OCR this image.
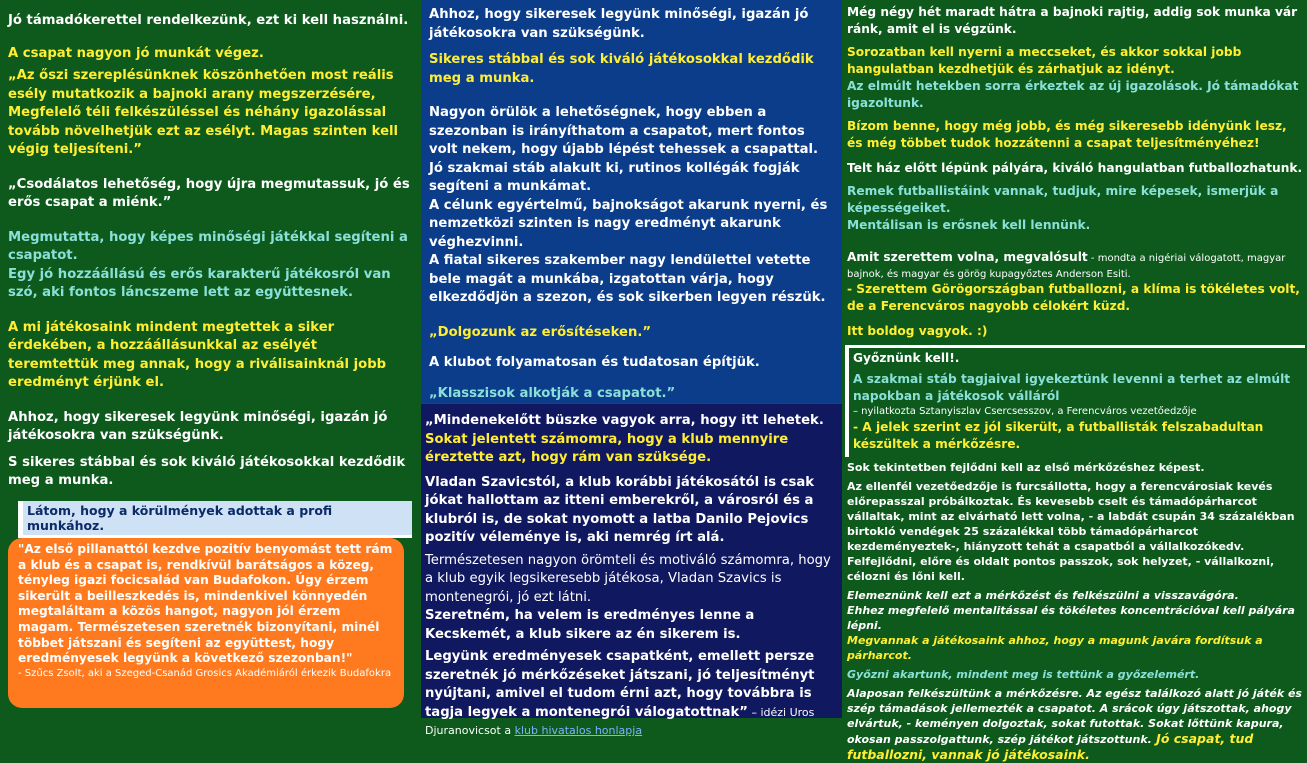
Jó támadókerettel rendelkezünk, ezt ki kell használni.

A csapat nagyon jó munkát végez.

„Az őszi szereplésünknek köszönhetően most reális esély mutatkozik a bajnoki arany megszerzésére, Megfelelő téli felkészüléssel és néhány igazolással tovább növelhetjük ezt az esélyt. Magas szinten kell végig teljesíteni.”

„Csodálatos lehetőség, hogy újra megmutassuk, jó és erős csapat a miénk.”

Megmutatta, hogy képes minőségi játékkal segíteni a csapatot.

Egy jó hozzáállású és erős karakterű játékosról van szó, aki fontos láncszeme lett az együttesnek.

A mi játékosaink mindent megtettek a siker érdekében, a hozzáállásunkkal az esélyét teremtettük meg annak, hogy a riválisainknál jobb eredményt érjünk el.

Ahhoz, hogy sikeresek legyünk minőségi, igazán jó játékosokra van szükségünk.

S sikeres stábbal és sok kiváló játékosokkal kezdődik meg a munka.

Látom, hogy a körülmények adottak a profi munkához.

"Az első pillanattól kezdve pozitív benyomást tett rám a klub és a csapat is, rendkívül barátságos a közeg, tényleg igazi focicsalád van Budafokon. Úgy érzem sikerült a beilleszkedés is, mindenkivel könnyedén megtaláltam a közös hangot, nagyon jól érzem magam. Természetesen szeretnék bizonyítani, minél többet játszani és segíteni az együttest, hogy eredményesek legyünk a következő szezonban!"

- Szűcs Zsolt, aki a Szeged-Csanád Grosics Akadémiáról érkezik Budafokra

Ahhoz, hogy sikeresek legyünk minőségi, igazán jó játékosokra van szükségünk.

Sikeres stábbal és sok kiváló játékosokkal kezdődik meg a munka.

Nagyon örülök a lehetőségnek, hogy ebben a szezonban is irányíthatom a csapatot, mert fontos volt nekem, hogy újabb lépést tehessek a csapattal.

Jó szakmai stáb alakult ki, rutinos kollégák fogják segíteni a munkámat.

A célunk egyértelmű, bajnokságot akarunk nyerni, és nemzetközi szinten is nagy eredményt akarunk véghezvinni.

A fiatal sikeres szakember nagy lendülettel vetette bele magát a munkába, izgatottan várja, hogy elkezdődjön a szezon, és sok sikerben legyen részük.

„Dolgozunk az erősítéseken.”

A klubot folyamatosan és tudatosan építjük.

„Klasszisok alkotják a csapatot.”

„Mindenekelőtt büszke vagyok arra, hogy itt lehetek.

Sokat jelentett számomra, hogy a klub mennyire éreztette azt, hogy rám van szüksége.

Vladan Szavicstól, a klub korábbi játékosától is csak jókat hallottam az itteni emberekről, a városról és a klubról is, de sokat nyomott a latba Danilo Pejovics pozitív véleménye is, aki nemrég írt alá.

Természetesen nagyon örömteli és motiváló számomra, hogy a klub egyik legsikeresebb játékosa, Vladan Szavics is montenegrói, jó ezt látni.

Szeretném, ha velem is eredményes lenne a Kecskemét, a klub sikere az én sikerem is.

Legyünk eredményesek csapatként, emellett persze szeretnék jó mérkőzéseket játszani, jó teljesítményt nyújtani, amivel el tudom érni azt, hogy továbbra is tagja legyek a montenegrói válogatottnak” – idézi Uros Djuranovicsot a klub hivatalos honlapja

Még négy hét maradt hátra a bajnoki rajtig, addig sok munka vár ránk, amit el is végzünk.

Sorozatban kell nyerni a meccseket, és akkor sokkal jobb hangulatban kezdhetjük és zárhatjuk az idényt.

Az elmúlt hetekben sorra érkeztek az új igazolások. Jó támadókat igazoltunk.

Bízom benne, hogy még jobb, és még sikeresebb idényünk lesz, és még többet tudok hozzátenni a csapat teljesítményéhez!

Telt ház előtt lépünk pályára, kiváló hangulatban futballozhatunk.

Remek futballistáink vannak, tudjuk, mire képesek, ismerjük a képességeiket.

Mentálisan is erősnek kell lennünk.

Amit szerettem volna, megvalósult - mondta a nigériai válogatott, magyar bajnok, és magyar és görög kupagyőztes Anderson Esiti.

- Szerettem Görögországban futballozni, a klíma is tökéletes volt, de a Ferencváros nagyobb célokért küzd.

Itt boldog vagyok. :)

Győznünk kell!.

A szakmai stáb tagjaival igyekeztünk levenni a terhet az elmúlt napokban a játékosok válláról

– nyilatkozta Sztanyiszlav Csercsesszov, a Ferencváros vezetőedzője

- A jelek szerint ez jól sikerült, a futballisták felszabadultan készültek a mérkőzésre.

Sok tekintetben fejlődni kell az első mérkőzéshez képest.

Az ellenfél vezetőedzője is furcsállotta, hogy a ferencvárosiak kevés előrepasszal próbálkoztak. És kevesebb cselt és támadópárharcot vállaltak, mint az elvárható lett volna, - a labdát csupán 34 százalékban birtokló vendégek 25 százalékkal több támadópárharcot kezdeményeztek-, hiányzott tehát a csapatból a vállalkozókedv.

Felfejlődni, előre és oldalt pontos passzok, sok helyzet, - vállalkozni, célozni és lőni kell.

Elemeznünk kell ezt a mérkőzést és felkészülni a visszavágóra.

Ehhez megfelelő mentalitással és tökéletes koncentrációval kell pályára lépni.

Megvannak a játékosaink ahhoz, hogy a magunk javára fordítsuk a párharcot.

Győzni akartunk, mindent meg is tettünk a győzelemért.

Alaposan felkészültünk a mérkőzésre. Az egész találkozó alatt jó játék és szép támadások jellemezték a csapatot. A srácok úgy játszottak, ahogy elvártuk, - keményen dolgoztak, sokat futottak. Sokat lőttünk kapura, okosan passzolgattunk, szép játékot játszottunk. Jó csapat, tud futballozni, vannak jó játékosaink.
